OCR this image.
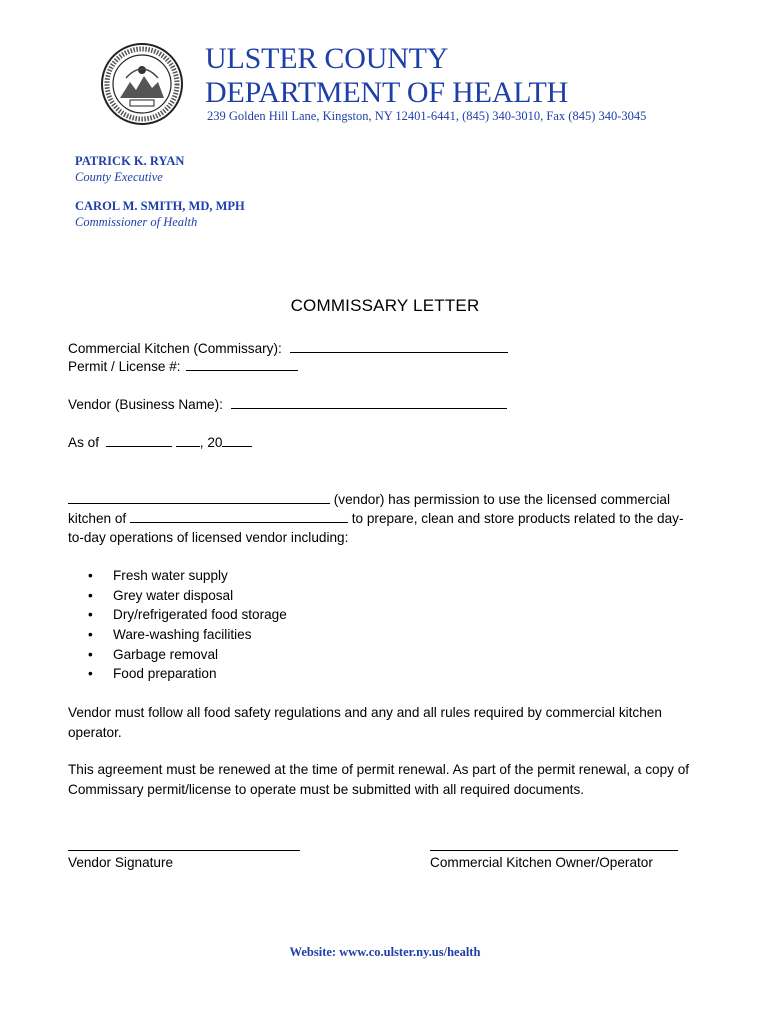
ULSTER COUNTY
DEPARTMENT OF HEALTH
239 Golden Hill Lane, Kingston, NY 12401-6441, (845) 340-3010, Fax (845) 340-3045
PATRICK K. RYAN
County Executive
CAROL M. SMITH, MD, MPH
Commissioner of Health
COMMISSARY LETTER
Commercial Kitchen (Commissary):
Permit / License #:
Vendor (Business Name):
As of	, 20
(vendor) has permission to use the licensed commercial
kitchen of	to prepare, clean and store products related to the day-
to-day operations of licensed vendor including:
• Fresh water supply
• Grey water disposal
• Dry/refrigerated food storage
• Ware-washing facilities
• Garbage removal
• Food preparation
Vendor must follow all food safety regulations and any and all rules required by commercial kitchen operator.
This agreement must be renewed at the time of permit renewal. As part of the permit renewal, a copy of Commissary permit/license to operate must be submitted with all required documents.
Vendor Signature	Commercial Kitchen Owner/Operator
Website: www.co.ulster.ny.us/health
